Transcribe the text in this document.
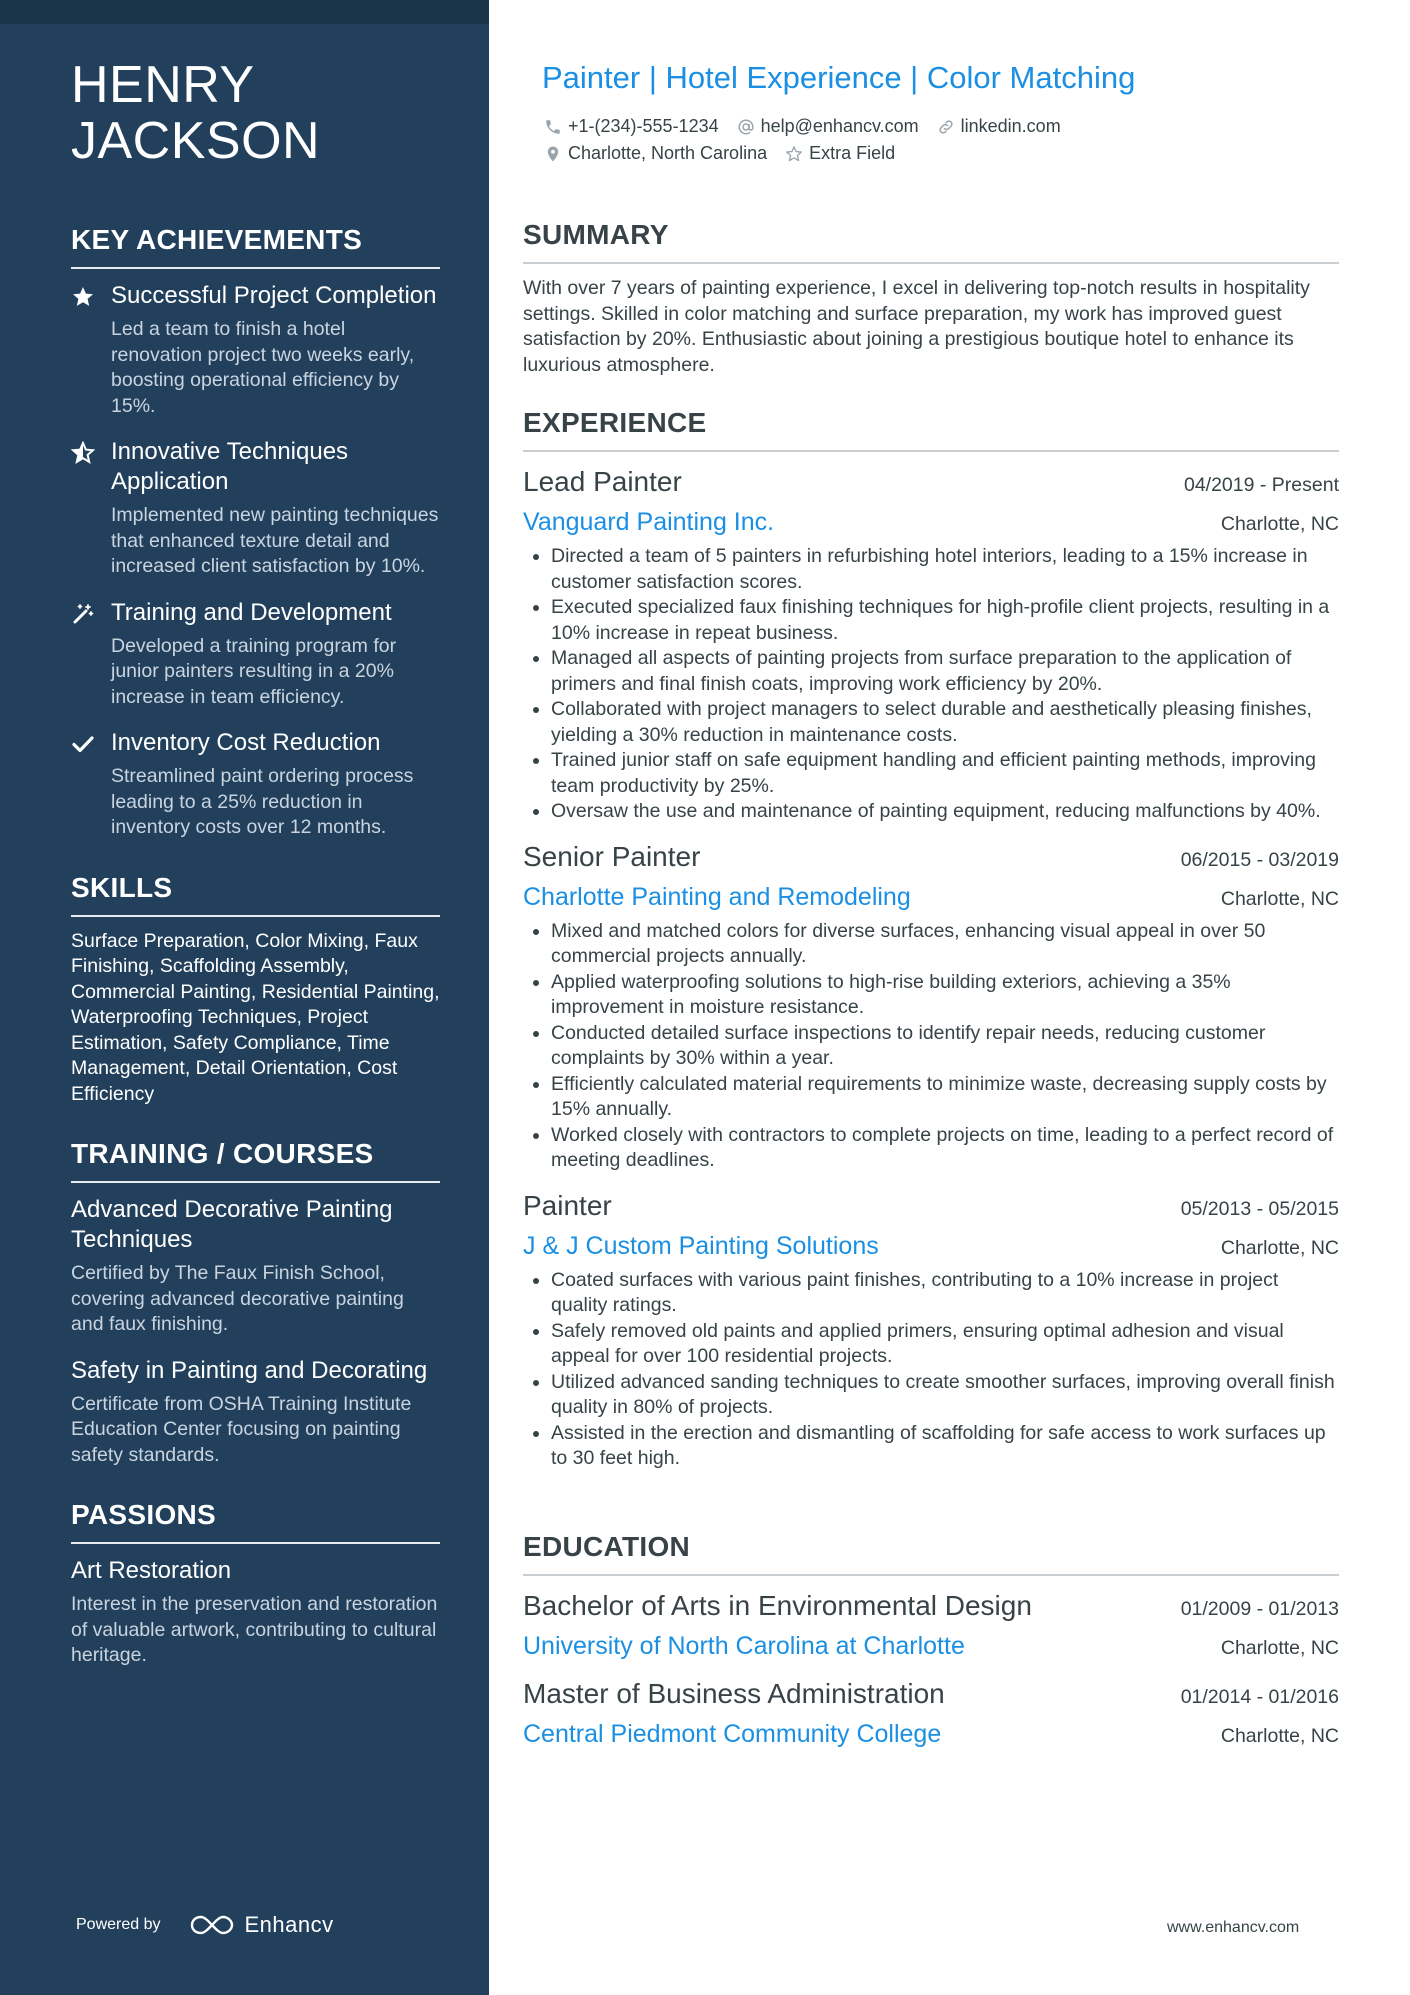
HENRY JACKSON
KEY ACHIEVEMENTS
Successful Project Completion
Led a team to finish a hotel renovation project two weeks early, boosting operational efficiency by 15%.
Innovative Techniques Application
Implemented new painting techniques that enhanced texture detail and increased client satisfaction by 10%.
Training and Development
Developed a training program for junior painters resulting in a 20% increase in team efficiency.
Inventory Cost Reduction
Streamlined paint ordering process leading to a 25% reduction in inventory costs over 12 months.
SKILLS
Surface Preparation, Color Mixing, Faux Finishing, Scaffolding Assembly, Commercial Painting, Residential Painting, Waterproofing Techniques, Project Estimation, Safety Compliance, Time Management, Detail Orientation, Cost Efficiency
TRAINING / COURSES
Advanced Decorative Painting Techniques
Certified by The Faux Finish School, covering advanced decorative painting and faux finishing.
Safety in Painting and Decorating
Certificate from OSHA Training Institute Education Center focusing on painting safety standards.
PASSIONS
Art Restoration
Interest in the preservation and restoration of valuable artwork, contributing to cultural heritage.
Powered by	Enhancv
Painter | Hotel Experience | Color Matching
+1-(234)-555-1234 help@enhancv.com linkedin.com
Charlotte, North Carolina Extra Field
SUMMARY
With over 7 years of painting experience, I excel in delivering top-notch results in hospitality settings. Skilled in color matching and surface preparation, my work has improved guest satisfaction by 20%. Enthusiastic about joining a prestigious boutique hotel to enhance its luxurious atmosphere.
EXPERIENCE
Lead Painter	04/2019 - Present
Vanguard Painting Inc.	Charlotte, NC
• Directed a team of 5 painters in refurbishing hotel interiors, leading to a 15% increase in customer satisfaction scores.
• Executed specialized faux finishing techniques for high-profile client projects, resulting in a 10% increase in repeat business.
• Managed all aspects of painting projects from surface preparation to the application of primers and final finish coats, improving work efficiency by 20%.
• Collaborated with project managers to select durable and aesthetically pleasing finishes, yielding a 30% reduction in maintenance costs.
• Trained junior staff on safe equipment handling and efficient painting methods, improving team productivity by 25%.
• Oversaw the use and maintenance of painting equipment, reducing malfunctions by 40%.
Senior Painter	06/2015 - 03/2019
Charlotte Painting and Remodeling	Charlotte, NC
• Mixed and matched colors for diverse surfaces, enhancing visual appeal in over 50 commercial projects annually.
• Applied waterproofing solutions to high-rise building exteriors, achieving a 35% improvement in moisture resistance.
• Conducted detailed surface inspections to identify repair needs, reducing customer complaints by 30% within a year.
• Efficiently calculated material requirements to minimize waste, decreasing supply costs by 15% annually.
• Worked closely with contractors to complete projects on time, leading to a perfect record of meeting deadlines.
Painter	05/2013 - 05/2015
J & J Custom Painting Solutions	Charlotte, NC
• Coated surfaces with various paint finishes, contributing to a 10% increase in project quality ratings.
• Safely removed old paints and applied primers, ensuring optimal adhesion and visual appeal for over 100 residential projects.
• Utilized advanced sanding techniques to create smoother surfaces, improving overall finish quality in 80% of projects.
• Assisted in the erection and dismantling of scaffolding for safe access to work surfaces up to 30 feet high.
EDUCATION
Bachelor of Arts in Environmental Design	01/2009 - 01/2013
University of North Carolina at Charlotte	Charlotte, NC
Master of Business Administration	01/2014 - 01/2016
Central Piedmont Community College	Charlotte, NC
www.enhancv.com
